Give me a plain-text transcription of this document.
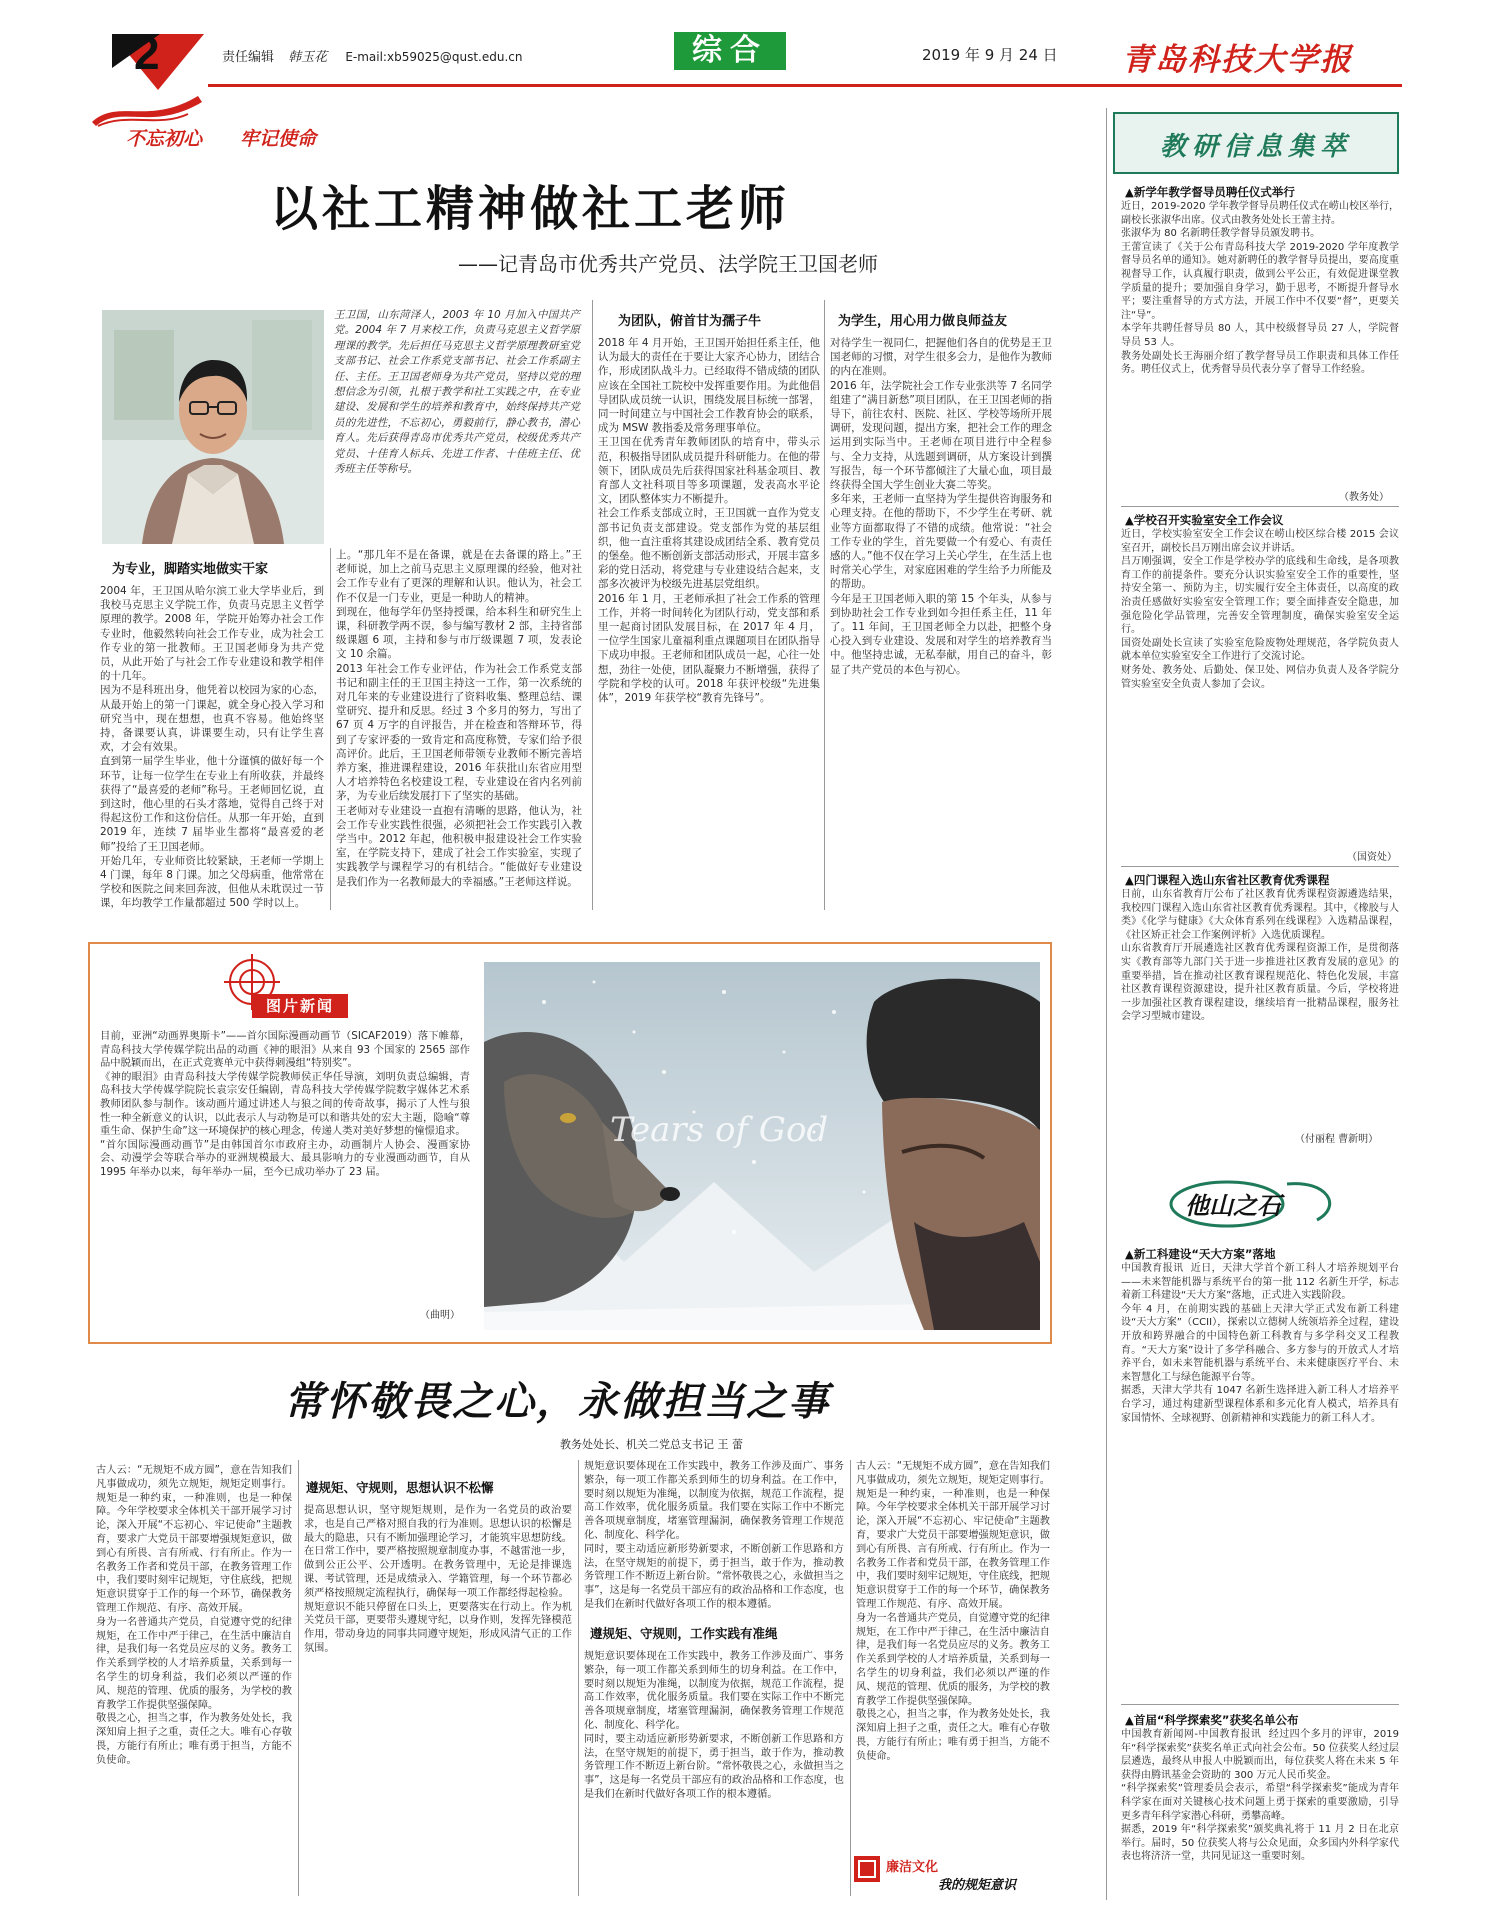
2	责任编辑 韩玉花 E-mail:xb59025@qust.edu.cn	综合	2019 年 9 月 24 日 青岛科技大学报
不忘初心 牢记使命
以社工精神做社工老师
——记青岛市优秀共产党员、法学院王卫国老师
王卫国，山东菏泽人，2003 年 10 月加入中国共产党。2004 年 7 月来校工作，负责马克思主义哲学原理课的教学。先后担任马克思主义哲学原理教研室党支部书记、社会工作系党支部书记、社会工作系副主任、主任。王卫国老师身为共产党员，坚持以党的理想信念为引领，扎根于教学和社工实践之中，在专业建设、发展和学生的培养和教育中，始终保持共产党员的先进性，不忘初心，勇毅前行，静心教书，潜心育人。先后获得青岛市优秀共产党员，校级优秀共产党员、十佳育人标兵、先进工作者、十佳班主任、优秀班主任等称号。
为团队，俯首甘为孺子牛
2018 年 4 月开始，王卫国开始担任系主任，他认为最大的责任在于要让大家齐心协力，团结合作，形成团队战斗力。已经取得不错成绩的团队应该在全国社工院校中发挥重要作用。为此他倡导团队成员统一认识，围绕发展目标统一部署，同一时间建立与中国社会工作教育协会的联系，成为 MSW 教指委及常务理事单位。
王卫国在优秀青年教师团队的培育中，带头示范，积极指导团队成员提升科研能力。在他的带领下，团队成员先后获得国家社科基金项目、教育部人文社科项目等多项课题，发表高水平论文，团队整体实力不断提升。
社会工作系支部成立时，王卫国就一直作为党支部书记负责支部建设。党支部作为党的基层组织，他一直注重将其建设成团结全系、教育党员的堡垒。他不断创新支部活动形式，开展丰富多彩的党日活动，将党建与专业建设结合起来，支部多次被评为校级先进基层党组织。
2016 年 1 月，王老师承担了社会工作系的管理工作，并将一时间转化为团队行动，党支部和系里一起商讨团队发展目标，在 2017 年 4 月，一位学生国家儿童福利重点课题项目在团队指导下成功申报。王老师和团队成员一起，心往一处想，劲往一处使，团队凝聚力不断增强，获得了学院和学校的认可。2018 年获评校级“先进集体”，2019 年获学校“教育先锋号”。
为学生，用心用力做良师益友
对待学生一视同仁，把握他们各自的优势是王卫国老师的习惯，对学生很多会力，是他作为教师的内在准则。
2016 年，法学院社会工作专业张洪等 7 名同学组建了“满目新愁”项目团队，在王卫国老师的指导下，前往农村、医院、社区、学校等场所开展调研，发现问题，提出方案，把社会工作的理念运用到实际当中。王老师在项目进行中全程参与、全力支持，从选题到调研，从方案设计到撰写报告，每一个环节都倾注了大量心血，项目最终获得全国大学生创业大赛二等奖。
多年来，王老师一直坚持为学生提供咨询服务和心理支持。在他的帮助下，不少学生在考研、就业等方面都取得了不错的成绩。他常说：“社会工作专业的学生，首先要做一个有爱心、有责任感的人。”他不仅在学习上关心学生，在生活上也时常关心学生，对家庭困难的学生给予力所能及的帮助。
今年是王卫国老师入职的第 15 个年头，从参与到协助社会工作专业到如今担任系主任，11 年了。11 年间，王卫国老师全力以赴，把整个身心投入到专业建设、发展和对学生的培养教育当中。他坚持忠诚，无私奉献，用自己的奋斗，彰显了共产党员的本色与初心。
为专业，脚踏实地做实干家
2004 年，王卫国从哈尔滨工业大学毕业后，到我校马克思主义学院工作，负责马克思主义哲学原理的教学。2008 年，学院开始筹办社会工作专业时，他毅然转向社会工作专业，成为社会工作专业的第一批教师。王卫国老师身为共产党员，从此开始了与社会工作专业建设和教学相伴的十几年。
因为不是科班出身，他凭着以校园为家的心态，从最开始上的第一门课起，就全身心投入学习和研究当中，现在想想，也真不容易。他始终坚持，备课要认真，讲课要生动，只有让学生喜欢，才会有效果。
直到第一届学生毕业，他十分谨慎的做好每一个环节，让每一位学生在专业上有所收获，并最终获得了“最喜爱的老师”称号。王老师回忆说，直到这时，他心里的石头才落地，觉得自己终于对得起这份工作和这份信任。从那一年开始，直到 2019 年，连续 7 届毕业生都将“最喜爱的老师”投给了王卫国老师。
开始几年，专业师资比较紧缺，王老师一学期上 4 门课，每年 8 门课。加之父母病重，他常常在学校和医院之间来回奔波，但他从未耽误过一节课，年均教学工作量都超过 500 学时以上。
上。“那几年不是在备课，就是在去备课的路上。”王老师说，加上之前马克思主义原理课的经验，他对社会工作专业有了更深的理解和认识。他认为，社会工作不仅是一门专业，更是一种助人的精神。
到现在，他每学年仍坚持授课，给本科生和研究生上课，科研教学两不误，参与编写教材 2 部，主持省部级课题 6 项，主持和参与市厅级课题 7 项，发表论文 10 余篇。
2013 年社会工作专业评估，作为社会工作系党支部书记和副主任的王卫国主持这一工作，第一次系统的对几年来的专业建设进行了资料收集、整理总结、课堂研究、提升和反思。经过 3 个多月的努力，写出了 67 页 4 万字的自评报告，并在检查和答辩环节，得到了专家评委的一致肯定和高度称赞，专家们给予很高评价。此后，王卫国老师带领专业教师不断完善培养方案，推进课程建设，2016 年获批山东省应用型人才培养特色名校建设工程，专业建设在省内名列前茅，为专业后续发展打下了坚实的基础。
王老师对专业建设一直抱有清晰的思路，他认为，社会工作专业实践性很强，必须把社会工作实践引入教学当中。2012 年起，他积极申报建设社会工作实验室，在学院支持下，建成了社会工作实验室，实现了实践教学与课程学习的有机结合。“能做好专业建设是我们作为一名教师最大的幸福感。”王老师这样说。
图片新闻
目前，亚洲“动画界奥斯卡”——首尔国际漫画动画节（SICAF2019）落下帷幕，青岛科技大学传媒学院出品的动画《神的眼泪》从来自 93 个国家的 2565 部作品中脱颖而出，在正式竞赛单元中获得刺漫组“特别奖”。
《神的眼泪》由青岛科技大学传媒学院教师侯正华任导演，刘明负责总编辑，青岛科技大学传媒学院院长袁宗安任编剧，青岛科技大学传媒学院数字媒体艺术系教师团队参与制作。该动画片通过讲述人与狼之间的传奇故事，揭示了人性与狼性一种全新意义的认识，以此表示人与动物是可以和谐共处的宏大主题，隐喻“尊重生命、保护生命”这一环境保护的核心理念，传递人类对美好梦想的憧憬追求。
“首尔国际漫画动画节”是由韩国首尔市政府主办，动画制片人协会、漫画家协会、动漫学会等联合举办的亚洲规模最大、最具影响力的专业漫画动画节，自从 1995 年举办以来，每年举办一届，至今已成功举办了 23 届。
（曲明）
Tears of God
常怀敬畏之心，永做担当之事
教务处处长、机关二党总支书记 王 蕾
古人云：“无规矩不成方圆”，意在告知我们凡事做成功，须先立规矩，规矩定则事行。规矩是一种约束，一种准则，也是一种保障。今年学校要求全体机关干部开展学习讨论，深入开展“不忘初心、牢记使命”主题教育，要求广大党员干部要增强规矩意识，做到心有所畏、言有所戒、行有所止。作为一名教务工作者和党员干部，在教务管理工作中，我们要时刻牢记规矩，守住底线，把规矩意识贯穿于工作的每一个环节，确保教务管理工作规范、有序、高效开展。
身为一名普通共产党员，自觉遵守党的纪律规矩，在工作中严于律己，在生活中廉洁自律，是我们每一名党员应尽的义务。教务工作关系到学校的人才培养质量，关系到每一名学生的切身利益，我们必须以严谨的作风、规范的管理、优质的服务，为学校的教育教学工作提供坚强保障。
敬畏之心，担当之事，作为教务处处长，我深知肩上担子之重，责任之大。唯有心存敬畏，方能行有所止；唯有勇于担当，方能不负使命。
遵规矩、守规则，思想认识不松懈
提高思想认识，坚守规矩规则，是作为一名党员的政治要求，也是自己严格对照自我的行为准则。思想认识的松懈是最大的隐患，只有不断加强理论学习，才能筑牢思想防线。在日常工作中，要严格按照规章制度办事，不越雷池一步，做到公正公平、公开透明。在教务管理中，无论是排课选课、考试管理，还是成绩录入、学籍管理，每一个环节都必须严格按照规定流程执行，确保每一项工作都经得起检验。
规矩意识不能只停留在口头上，更要落实在行动上。作为机关党员干部，更要带头遵规守纪，以身作则，发挥先锋模范作用，带动身边的同事共同遵守规矩，形成风清气正的工作氛围。
遵规矩、守规则，工作实践有准绳
规矩意识要体现在工作实践中，教务工作涉及面广、事务繁杂，每一项工作都关系到师生的切身利益。在工作中，要时刻以规矩为准绳，以制度为依据，规范工作流程，提高工作效率，优化服务质量。我们要在实际工作中不断完善各项规章制度，堵塞管理漏洞，确保教务管理工作规范化、制度化、科学化。
同时，要主动适应新形势新要求，不断创新工作思路和方法，在坚守规矩的前提下，勇于担当，敢于作为，推动教务管理工作不断迈上新台阶。“常怀敬畏之心，永做担当之事”，这是每一名党员干部应有的政治品格和工作态度，也是我们在新时代做好各项工作的根本遵循。
规矩意识要体现在工作实践中，教务工作涉及面广、事务繁杂，每一项工作都关系到师生的切身利益。在工作中，要时刻以规矩为准绳，以制度为依据，规范工作流程，提高工作效率，优化服务质量。我们要在实际工作中不断完善各项规章制度，堵塞管理漏洞，确保教务管理工作规范化、制度化、科学化。
同时，要主动适应新形势新要求，不断创新工作思路和方法，在坚守规矩的前提下，勇于担当，敢于作为，推动教务管理工作不断迈上新台阶。“常怀敬畏之心，永做担当之事”，这是每一名党员干部应有的政治品格和工作态度，也是我们在新时代做好各项工作的根本遵循。
古人云：“无规矩不成方圆”，意在告知我们凡事做成功，须先立规矩，规矩定则事行。规矩是一种约束，一种准则，也是一种保障。今年学校要求全体机关干部开展学习讨论，深入开展“不忘初心、牢记使命”主题教育，要求广大党员干部要增强规矩意识，做到心有所畏、言有所戒、行有所止。作为一名教务工作者和党员干部，在教务管理工作中，我们要时刻牢记规矩，守住底线，把规矩意识贯穿于工作的每一个环节，确保教务管理工作规范、有序、高效开展。
身为一名普通共产党员，自觉遵守党的纪律规矩，在工作中严于律己，在生活中廉洁自律，是我们每一名党员应尽的义务。教务工作关系到学校的人才培养质量，关系到每一名学生的切身利益，我们必须以严谨的作风、规范的管理、优质的服务，为学校的教育教学工作提供坚强保障。
敬畏之心，担当之事，作为教务处处长，我深知肩上担子之重，责任之大。唯有心存敬畏，方能行有所止；唯有勇于担当，方能不负使命。
廉洁文化
我的规矩意识
教研信息集萃
▲新学年教学督导员聘任仪式举行
近日，2019-2020 学年教学督导员聘任仪式在崂山校区举行，副校长张淑华出席。仪式由教务处处长王蕾主持。
张淑华为 80 名新聘任教学督导员颁发聘书。
王蕾宣读了《关于公布青岛科技大学 2019-2020 学年度教学督导员名单的通知》。她对新聘任的教学督导员提出，要高度重视督导工作，认真履行职责，做到公平公正，有效促进课堂教学质量的提升；要加强自身学习，勤于思考，不断提升督导水平；要注重督导的方式方法，开展工作中不仅要“督”，更要关注“导”。
本学年共聘任督导员 80 人，其中校级督导员 27 人，学院督导员 53 人。
教务处副处长王海丽介绍了教学督导员工作职责和具体工作任务。聘任仪式上，优秀督导员代表分享了督导工作经验。
（教务处）
▲学校召开实验室安全工作会议
近日，学校实验室安全工作会议在崂山校区综合楼 2015 会议室召开，副校长吕万刚出席会议并讲话。
吕万刚强调，安全工作是学校办学的底线和生命线，是各项教育工作的前提条件。要充分认识实验室安全工作的重要性，坚持安全第一、预防为主，切实履行安全主体责任，以高度的政治责任感做好实验室安全管理工作；要全面排查安全隐患，加强危险化学品管理，完善安全管理制度，确保实验室安全运行。
国资处副处长宣读了实验室危险废物处理规范，各学院负责人就本单位实验室安全工作进行了交流讨论。
财务处、教务处、后勤处、保卫处、网信办负责人及各学院分管实验室安全负责人参加了会议。
（国资处）
▲四门课程入选山东省社区教育优秀课程
日前，山东省教育厅公布了社区教育优秀课程资源遴选结果，我校四门课程入选山东省社区教育优秀课程。其中，《橡胶与人类》《化学与健康》《大众体育系列在线课程》入选精品课程，《社区矫正社会工作案例评析》入选优质课程。
山东省教育厅开展遴选社区教育优秀课程资源工作，是贯彻落实《教育部等九部门关于进一步推进社区教育发展的意见》的重要举措，旨在推动社区教育课程规范化、特色化发展，丰富社区教育课程资源建设，提升社区教育质量。今后，学校将进一步加强社区教育课程建设，继续培育一批精品课程，服务社会学习型城市建设。
（付丽程 曹新明）
他山之石
▲新工科建设“天大方案”落地
中国教育报讯  近日，天津大学首个新工科人才培养规划平台——未来智能机器与系统平台的第一批 112 名新生开学，标志着新工科建设“天大方案”落地，正式进入实践阶段。
今年 4 月，在前期实践的基础上天津大学正式发布新工科建设“天大方案”（CCII），探索以立德树人统领培养全过程，建设开放和跨界融合的中国特色新工科教育与多学科交叉工程教育。“天大方案”设计了多学科融合、多方参与的开放式人才培养平台，如未来智能机器与系统平台、未来健康医疗平台、未来智慧化工与绿色能源平台等。
据悉，天津大学共有 1047 名新生选择进入新工科人才培养平台学习，通过构建新型课程体系和多元化育人模式，培养具有家国情怀、全球视野、创新精神和实践能力的新工科人才。
▲首届“科学探索奖”获奖名单公布
中国教育新闻网-中国教育报讯  经过四个多月的评审，2019 年“科学探索奖”获奖名单正式向社会公布。50 位获奖人经过层层遴选，最终从申报人中脱颖而出，每位获奖人将在未来 5 年获得由腾讯基金会资助的 300 万元人民币奖金。
“科学探索奖”管理委员会表示，希望“科学探索奖”能成为青年科学家在面对关键核心技术问题上勇于探索的重要激励，引导更多青年科学家潜心科研，勇攀高峰。
据悉，2019 年“科学探索奖”颁奖典礼将于 11 月 2 日在北京举行。届时，50 位获奖人将与公众见面，众多国内外科学家代表也将济济一堂，共同见证这一重要时刻。
